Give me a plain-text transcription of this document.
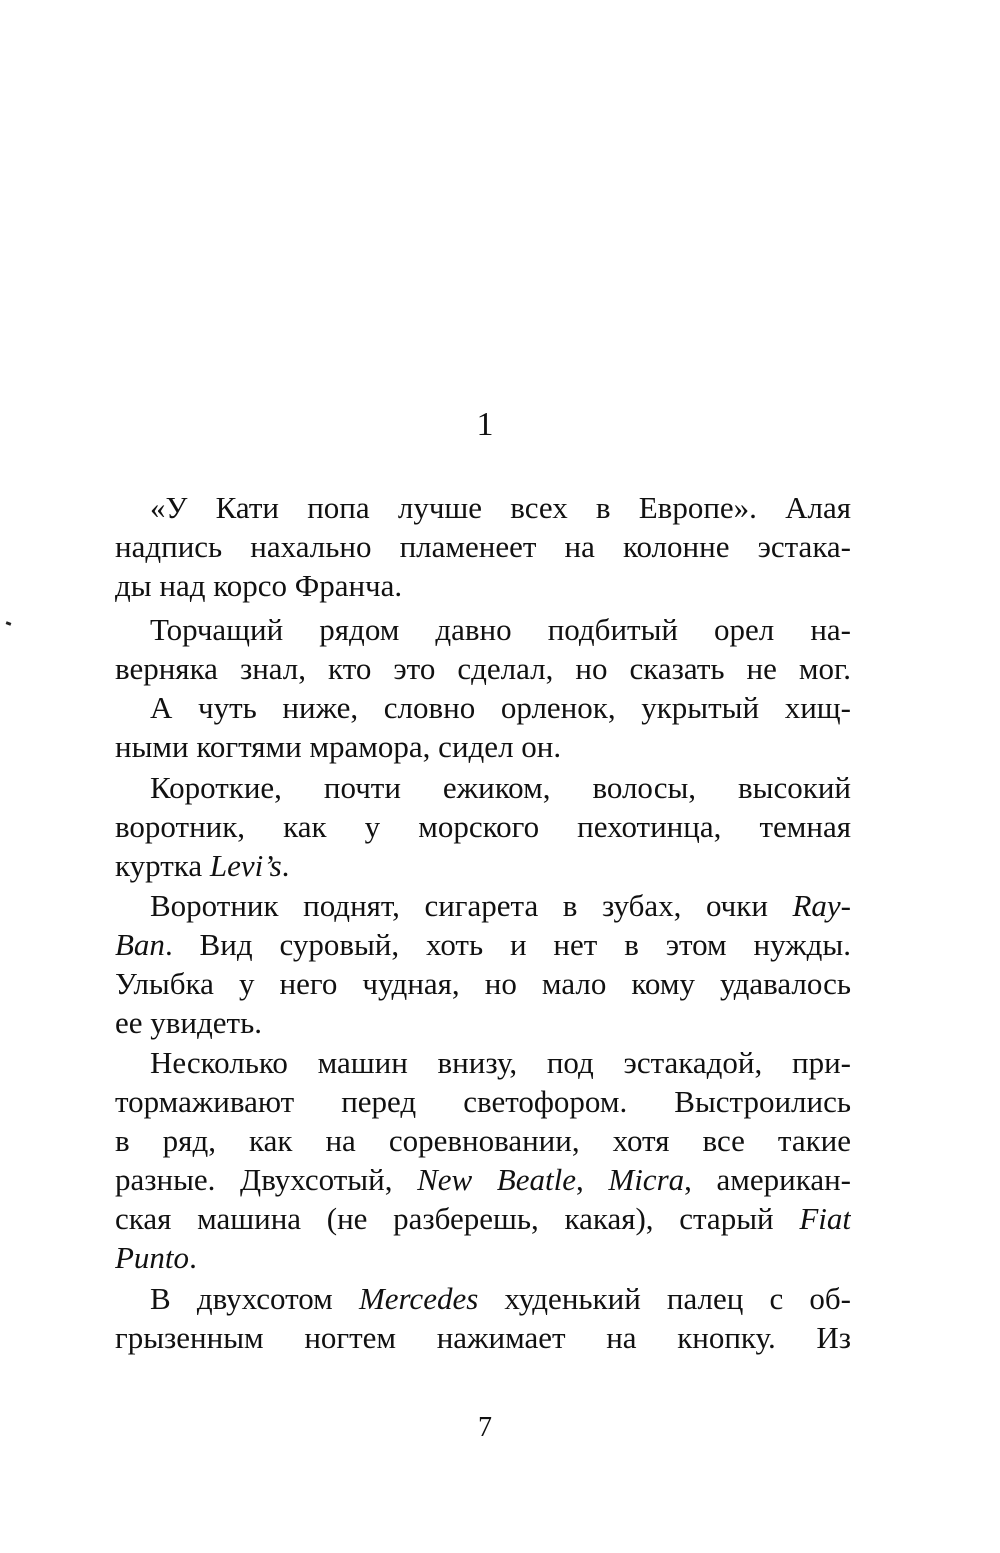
1
«У Кати попа лучше всех в Европе». Алая
надпись нахально пламенеет на колонне эстака-
ды над корсо Франча.
Торчащий рядом давно подбитый орел на-
верняка знал, кто это сделал, но сказать не мог.
А чуть ниже, словно орленок, укрытый хищ-
ными когтями мрамора, сидел он.
Короткие, почти ежиком, волосы, высокий
воротник, как у морского пехотинца, темная
куртка Levi’s.
Воротник поднят, сигарета в зубах, очки Ray-
Ban. Вид суровый, хоть и нет в этом нужды.
Улыбка у него чудная, но мало кому удавалось
ее увидеть.
Несколько машин внизу, под эстакадой, при-
тормаживают перед светофором. Выстроились
в ряд, как на соревновании, хотя все такие
разные. Двухсотый, New Beatle, Micra, американ-
ская машина (не разберешь, какая), старый Fiat
Punto.
В двухсотом Mercedes худенький палец с об-
грызенным ногтем нажимает на кнопку. Из
7
